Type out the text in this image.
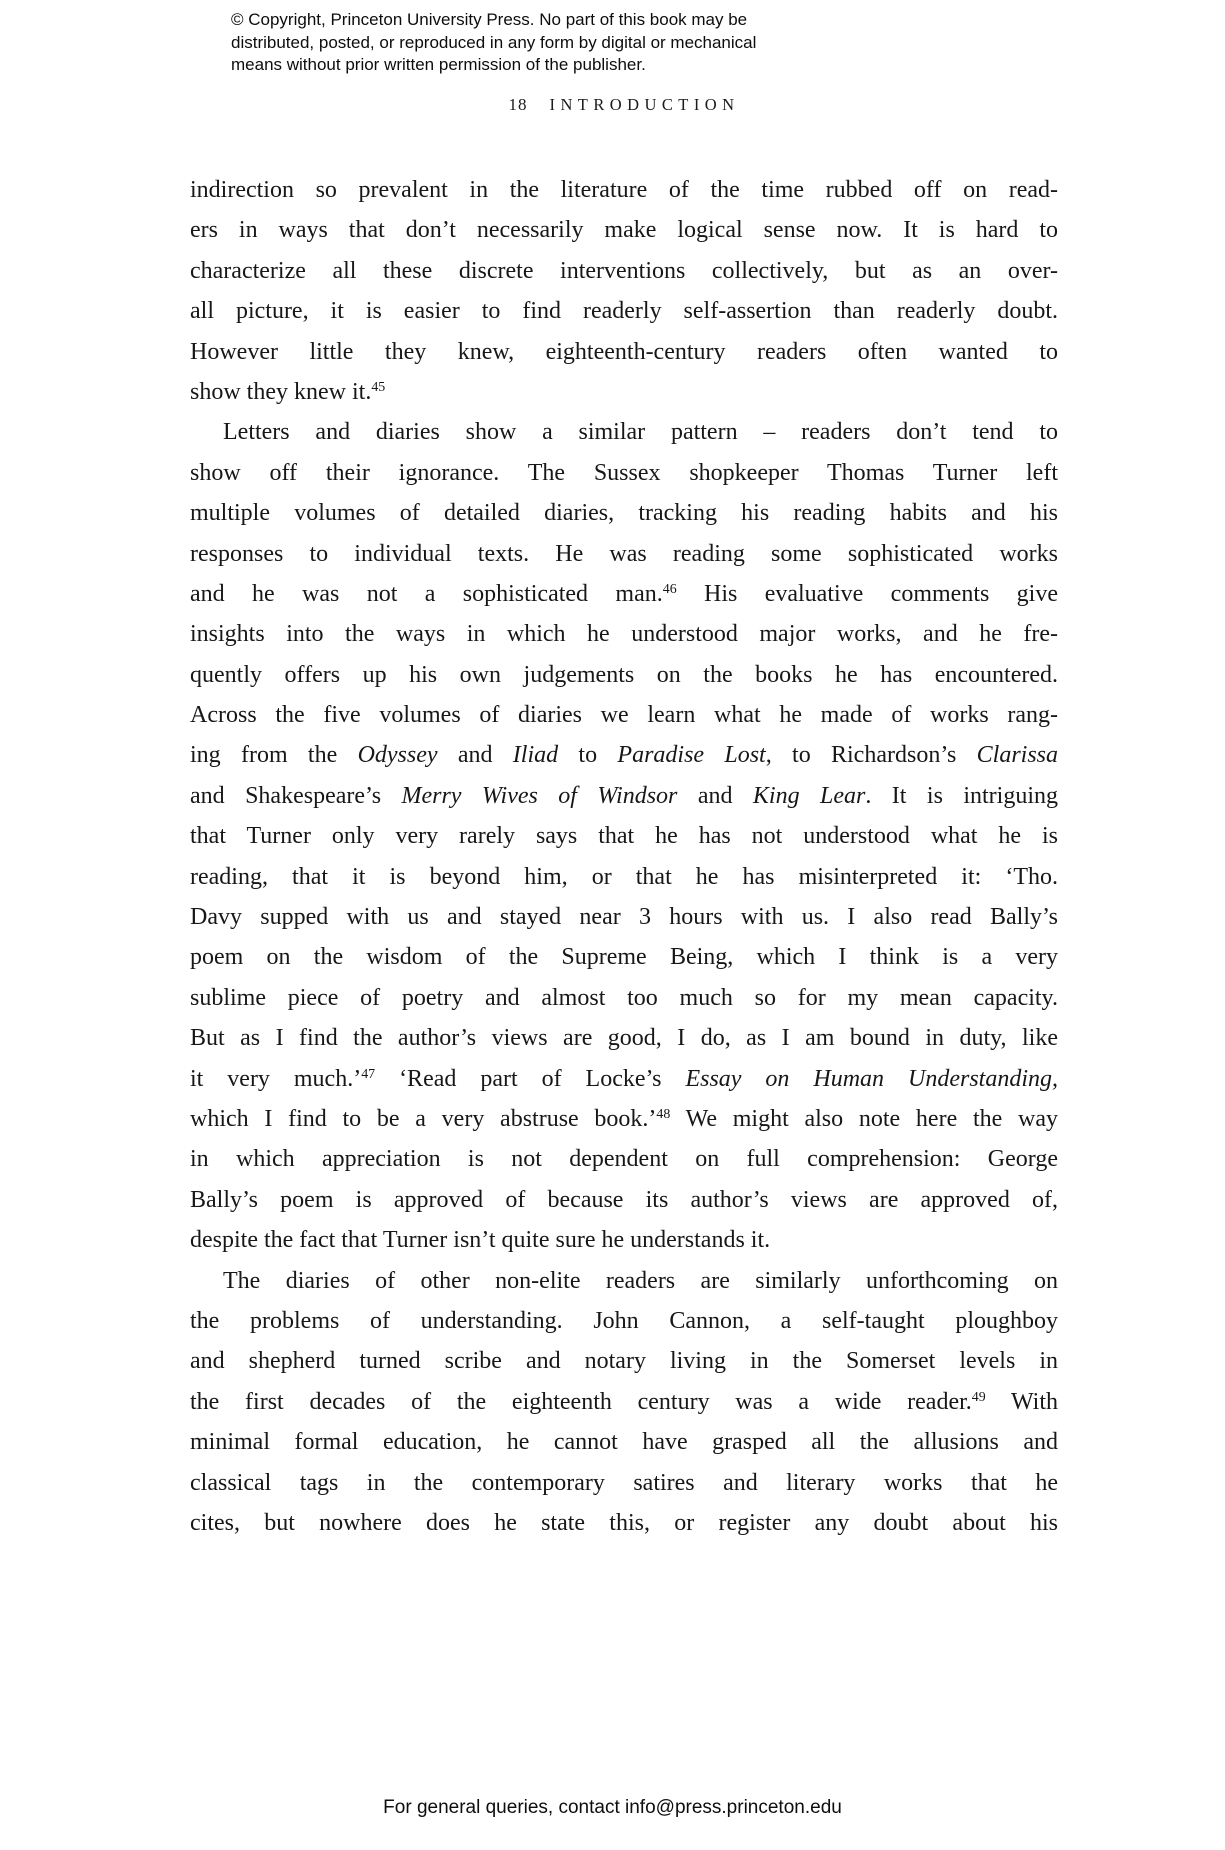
© Copyright, Princeton University Press. No part of this book may be
distributed, posted, or reproduced in any form by digital or mechanical
means without prior written permission of the publisher.
18 INTRODUCTION
indirection so prevalent in the literature of the time rubbed off on read-
ers in ways that don’t necessarily make logical sense now. It is hard to
characterize all these discrete interventions collectively, but as an over-
all picture, it is easier to find readerly self-assertion than readerly doubt.
However little they knew, eighteenth-century readers often wanted to
show they knew it.$^{45}$
Letters and diaries show a similar pattern – readers don’t tend to
show off their ignorance. The Sussex shopkeeper Thomas Turner left
multiple volumes of detailed diaries, tracking his reading habits and his
responses to individual texts. He was reading some sophisticated works
and he was not a sophisticated man.$^{46}$ His evaluative comments give
insights into the ways in which he understood major works, and he fre-
quently offers up his own judgements on the books he has encountered.
Across the five volumes of diaries we learn what he made of works rang-
ing from the Odyssey and Iliad to Paradise Lost, to Richardson’s Clarissa
and Shakespeare’s Merry Wives of Windsor and King Lear. It is intriguing
that Turner only very rarely says that he has not understood what he is
reading, that it is beyond him, or that he has misinterpreted it: ‘Tho.
Davy supped with us and stayed near 3 hours with us. I also read Bally’s
poem on the wisdom of the Supreme Being, which I think is a very
sublime piece of poetry and almost too much so for my mean capacity.
But as I find the author’s views are good, I do, as I am bound in duty, like
it very much.’$^{47}$ ‘Read part of Locke’s Essay on Human Understanding,
which I find to be a very abstruse book.’$^{48}$ We might also note here the way
in which appreciation is not dependent on full comprehension: George
Bally’s poem is approved of because its author’s views are approved of,
despite the fact that Turner isn’t quite sure he understands it.
The diaries of other non-elite readers are similarly unforthcoming on
the problems of understanding. John Cannon, a self-taught ploughboy
and shepherd turned scribe and notary living in the Somerset levels in
the first decades of the eighteenth century was a wide reader.$^{49}$ With
minimal formal education, he cannot have grasped all the allusions and
classical tags in the contemporary satires and literary works that he
cites, but nowhere does he state this, or register any doubt about his
For general queries, contact info@press.princeton.edu
